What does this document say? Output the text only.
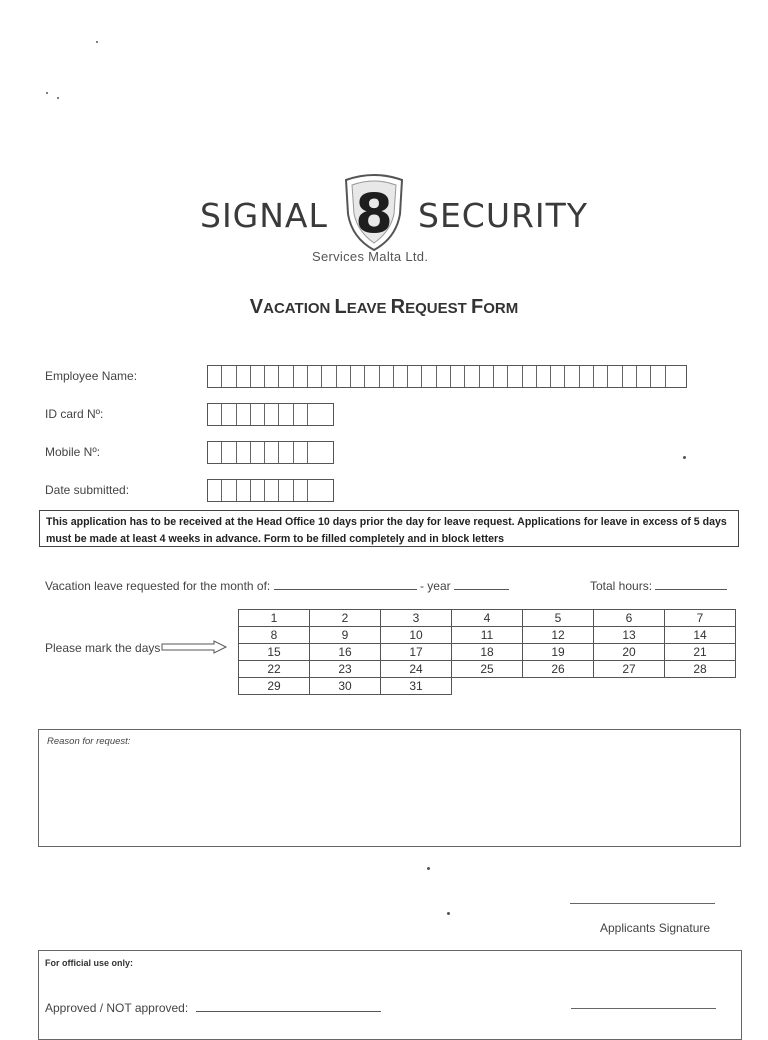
SIGNAL 8 SECURITY
Services Malta Ltd.
VACATION LEAVE REQUEST FORM
Employee Name:
ID card Nº:
Mobile Nº:
Date submitted:
This application has to be received at the Head Office 10 days prior the day for leave request. Applications for leave in excess of 5 days must be made at least 4 weeks in advance. Form to be filled completely and in block letters
Vacation leave requested for the month of:	- year	Total hours:
Please mark the days
1	2	3	4	5	6	7
8	9	10	11	12	13	14
15	16	17	18	19	20	21
22	23	24	25	26	27	28
29	30	31				
Reason for request:
Applicants Signature
For official use only:
Approved / NOT approved:
